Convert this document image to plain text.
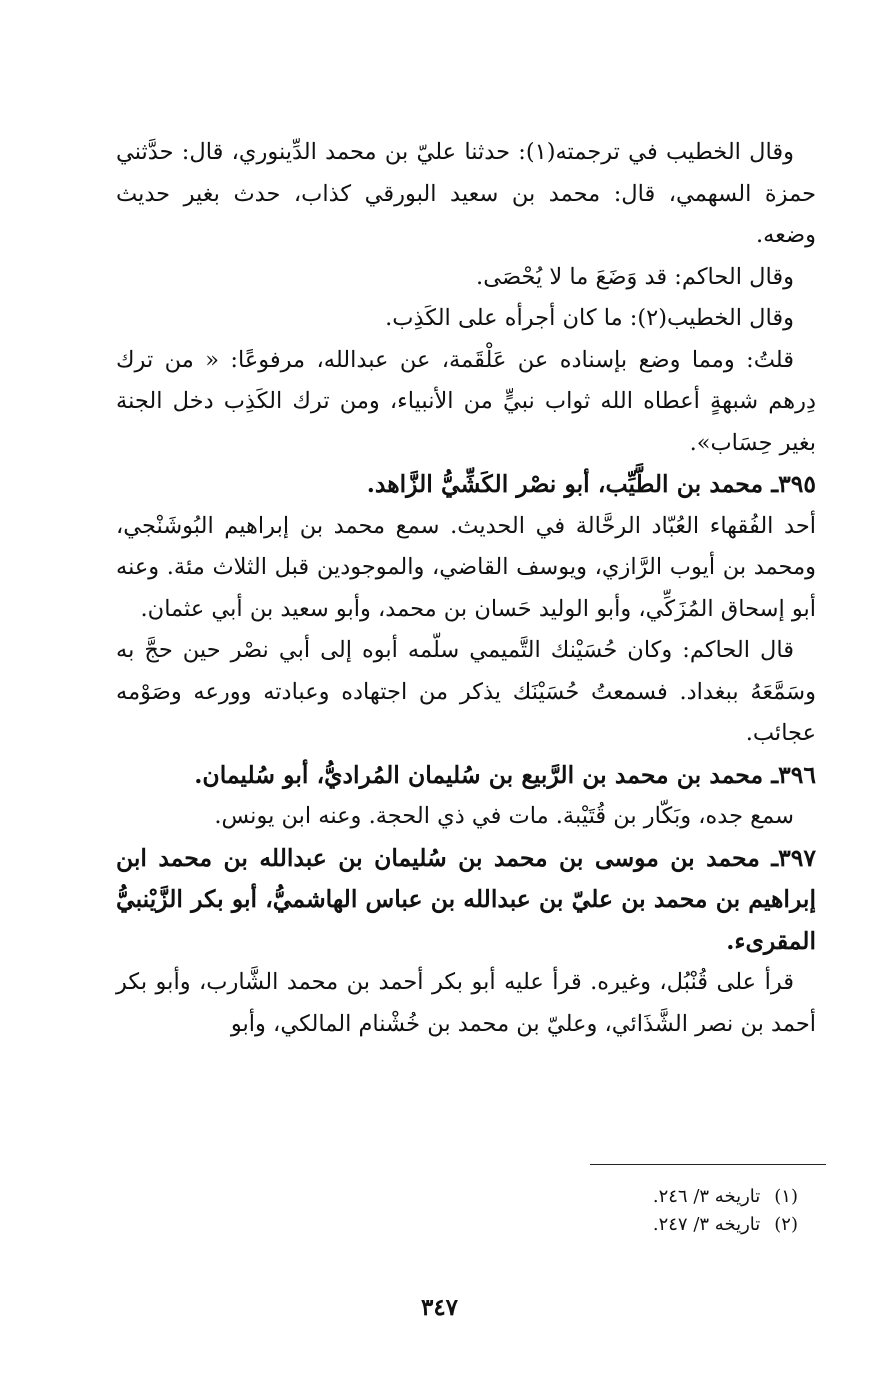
وقال الخطيب في ترجمته(١): حدثنا عليّ بن محمد الدِّينوري، قال: حدَّثني حمزة السهمي، قال: محمد بن سعيد البورقي كذاب، حدث بغير حديث وضعه.

وقال الحاكم: قد وَضَعَ ما لا يُحْصَى.

وقال الخطيب(٢): ما كان أجرأه على الكَذِب.

قلتُ: ومما وضع بإسناده عن عَلْقَمة، عن عبدالله، مرفوعًا: « من ترك دِرهم شبهةٍ أعطاه الله ثواب نبيٍّ من الأنبياء، ومن ترك الكَذِب دخل الجنة بغير حِسَاب».

٣٩٥ـ محمد بن الطَّيِّب، أبو نصْر الكَشِّيُّ الزَّاهد.

أحد الفُقهاء العُبّاد الرحَّالة في الحديث. سمع محمد بن إبراهيم البُوشَنْجي، ومحمد بن أيوب الرَّازي، ويوسف القاضي، والموجودين قبل الثلاث مئة. وعنه أبو إسحاق المُزَكِّي، وأبو الوليد حَسان بن محمد، وأبو سعيد بن أبي عثمان.

قال الحاكم: وكان حُسَيْنك التَّميمي سلّمه أبوه إلى أبي نصْر حين حجَّ به وسَمَّعَهُ ببغداد. فسمعتُ حُسَيْنَك يذكر من اجتهاده وعبادته وورعه وصَوْمه عجائب.

٣٩٦ـ محمد بن محمد بن الرَّبيع بن سُليمان المُراديُّ، أبو سُليمان.

سمع جده، وبَكّار بن قُتَيْبة. مات في ذي الحجة. وعنه ابن يونس.

٣٩٧ـ محمد بن موسى بن محمد بن سُليمان بن عبدالله بن محمد ابن إبراهيم بن محمد بن عليّ بن عبدالله بن عباس الهاشميُّ، أبو بكر الزَّيْنبيُّ المقرىء.

قرأ على قُنْبُل، وغيره. قرأ عليه أبو بكر أحمد بن محمد الشَّارب، وأبو بكر أحمد بن نصر الشَّذَائي، وعليّ بن محمد بن خُشْنام المالكي، وأبو

(١)تاريخه ٣/ ٢٤٦.
(٢)تاريخه ٣/ ٢٤٧.
٣٤٧
